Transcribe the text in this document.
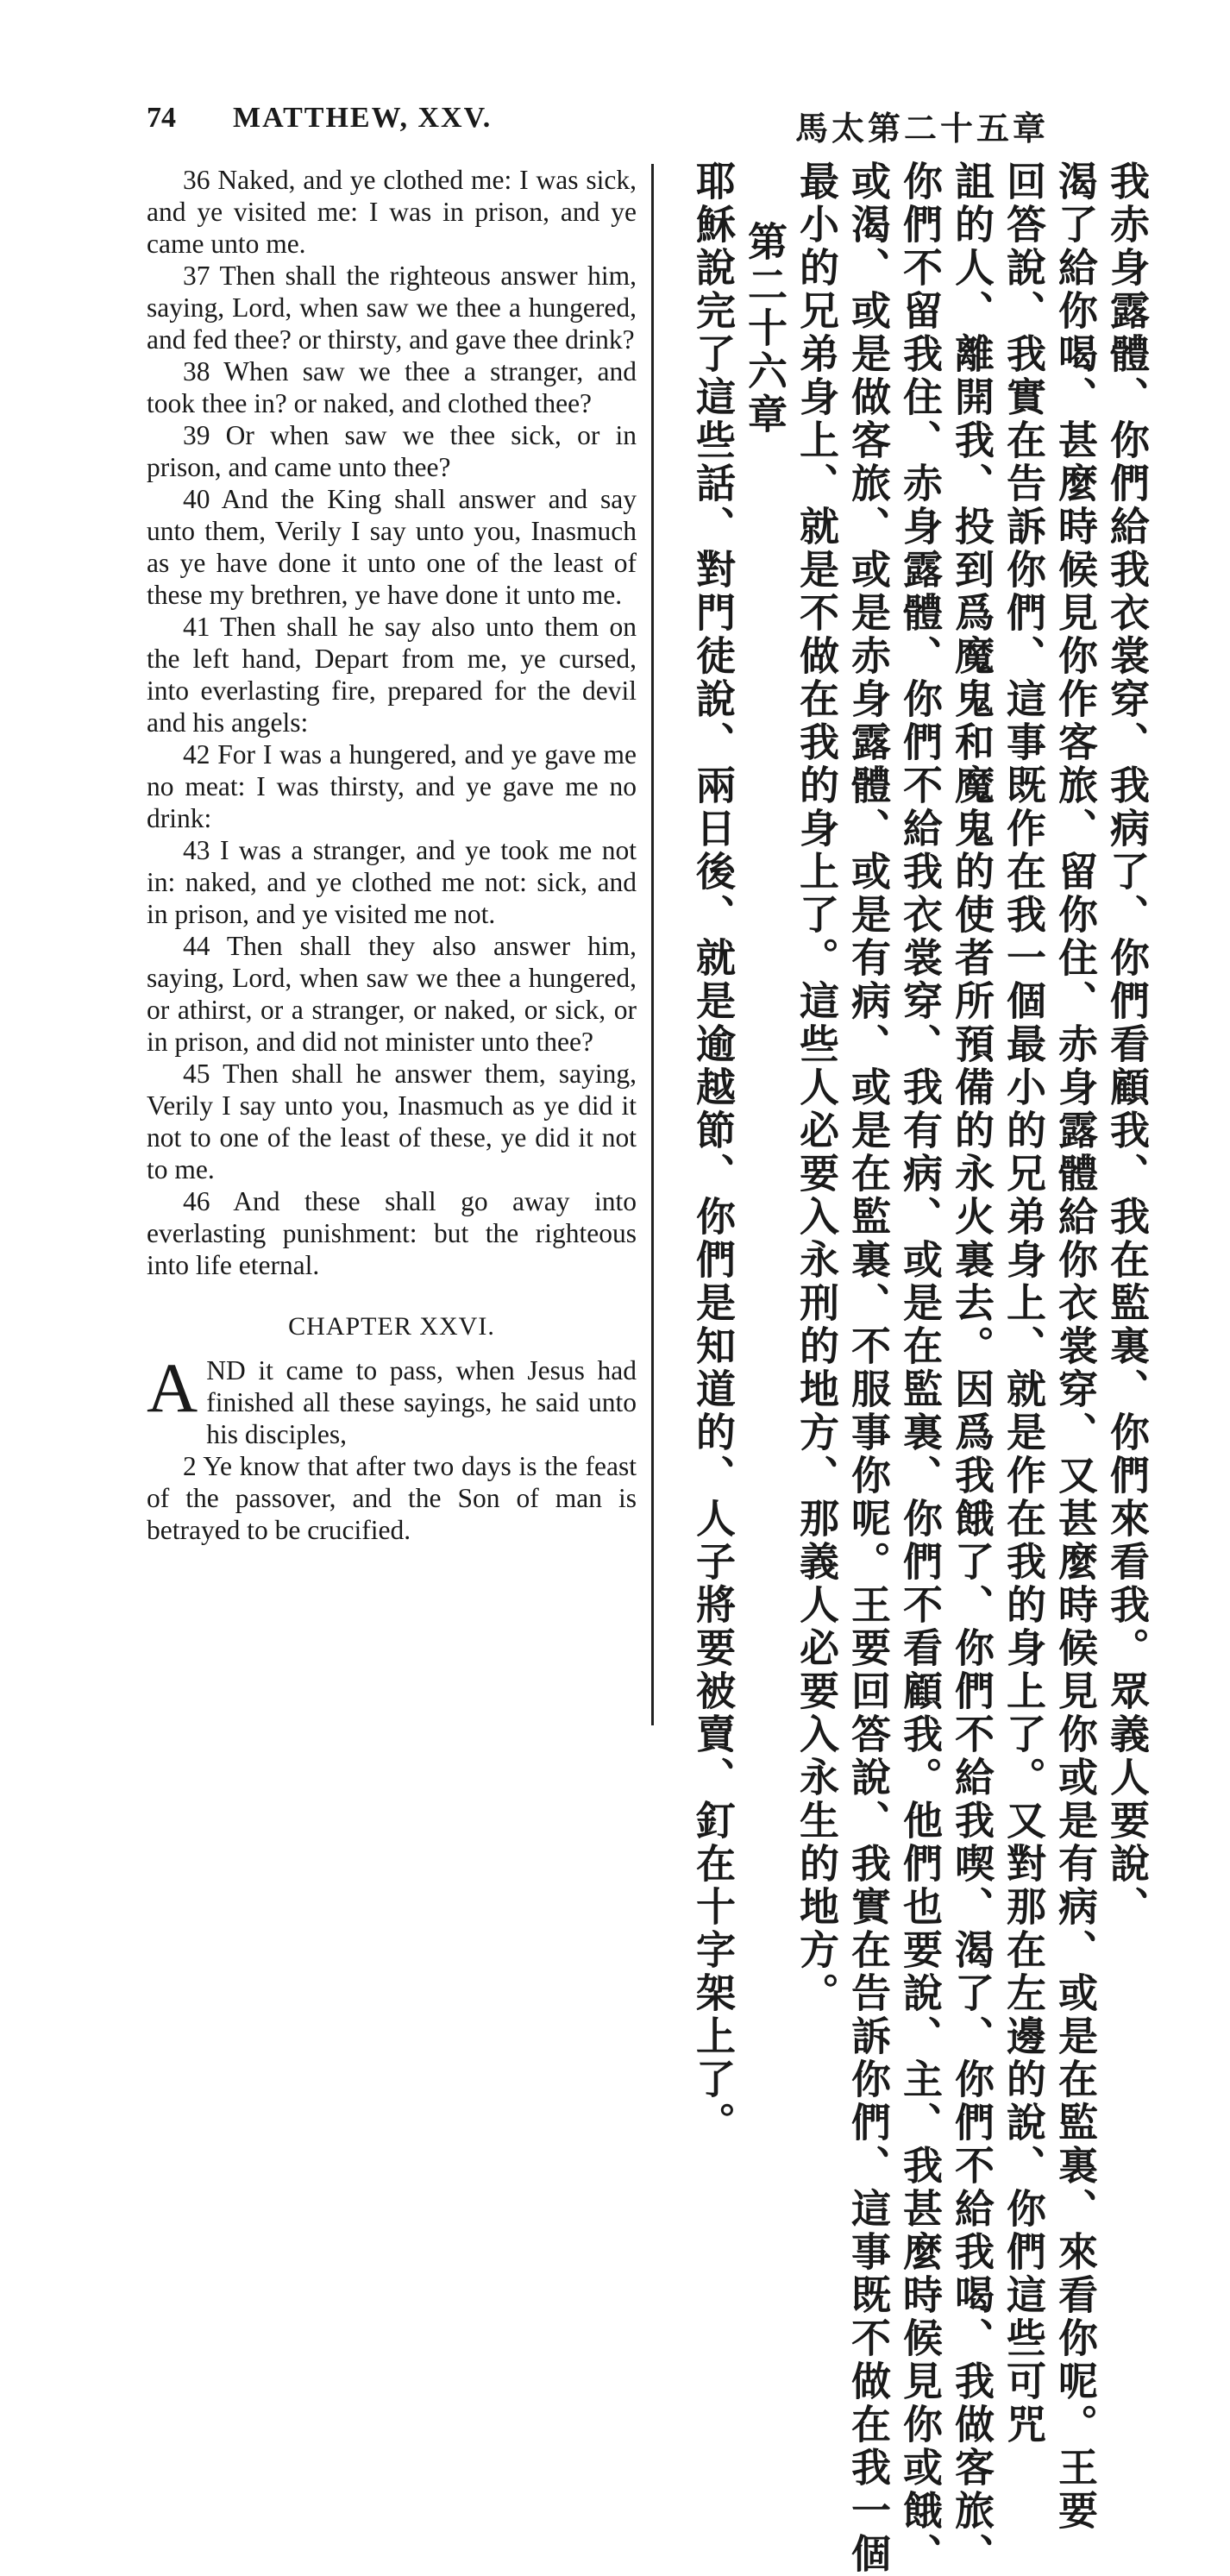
74 MATTHEW, XXV.	馬太第二十五章

36 Naked, and ye clothed me: I was sick, and ye visited me: I was in prison, and ye came unto me.

37 Then shall the righteous answer him, saying, Lord, when saw we thee a hungered, and fed thee? or thirsty, and gave thee drink?

38 When saw we thee a stranger, and took thee in? or naked, and clothed thee?

39 Or when saw we thee sick, or in prison, and came unto thee?

40 And the King shall answer and say unto them, Verily I say unto you, Inasmuch as ye have done it unto one of the least of these my brethren, ye have done it unto me.

41 Then shall he say also unto them on the left hand, Depart from me, ye cursed, into everlasting fire, prepared for the devil and his angels:

42 For I was a hungered, and ye gave me no meat: I was thirsty, and ye gave me no drink:

43 I was a stranger, and ye took me not in: naked, and ye clothed me not: sick, and in prison, and ye visited me not.

44 Then shall they also answer him, saying, Lord, when saw we thee a hungered, or athirst, or a stranger, or naked, or sick, or in prison, and did not minister unto thee?

45 Then shall he answer them, saying, Verily I say unto you, Inasmuch as ye did it not to one of the least of these, ye did it not to me.

46 And these shall go away into everlasting punishment: but the righteous into life eternal.

CHAPTER XXVI.

AND it came to pass, when Jesus had finished all these sayings, he said unto his disciples,

2 Ye know that after two days is the feast of the passover, and the Son of man is betrayed to be crucified.	我赤身露體、你們給我衣裳穿、我病了、你們看顧我、我在監裏、你們來看我。眾義人要說、
渴了給你喝、甚麼時候見你作客旅、留你住、赤身露體給你衣裳穿、又甚麼時候見你或是有病、或是在監裏、來看你呢。王要
回答說、我實在告訴你們、這事既作在我一個最小的兄弟身上、就是作在我的身上了。又對那在左邊的說、你們這些可咒
詛的人、離開我、投到爲魔鬼和魔鬼的使者所預備的永火裏去。因爲我餓了、你們不給我喫、渴了、你們不給我喝、我做客旅、
你們不留我住、赤身露體、你們不給我衣裳穿、我有病、或是在監裏、你們不看顧我。他們也要說、主、我甚麼時候見你或餓、
或渴、或是做客旅、或是赤身露體、或是有病、或是在監裏、不服事你呢。王要回答說、我實在告訴你們、這事既不做在我一個
最小的兄弟身上、就是不做在我的身上了。這些人必要入永刑的地方、那義人必要入永生的地方。
第二十六章
耶穌說完了這些話、對門徒說、兩日後、就是逾越節、你們是知道的、人子將要被賣、釘在十字架上了。
